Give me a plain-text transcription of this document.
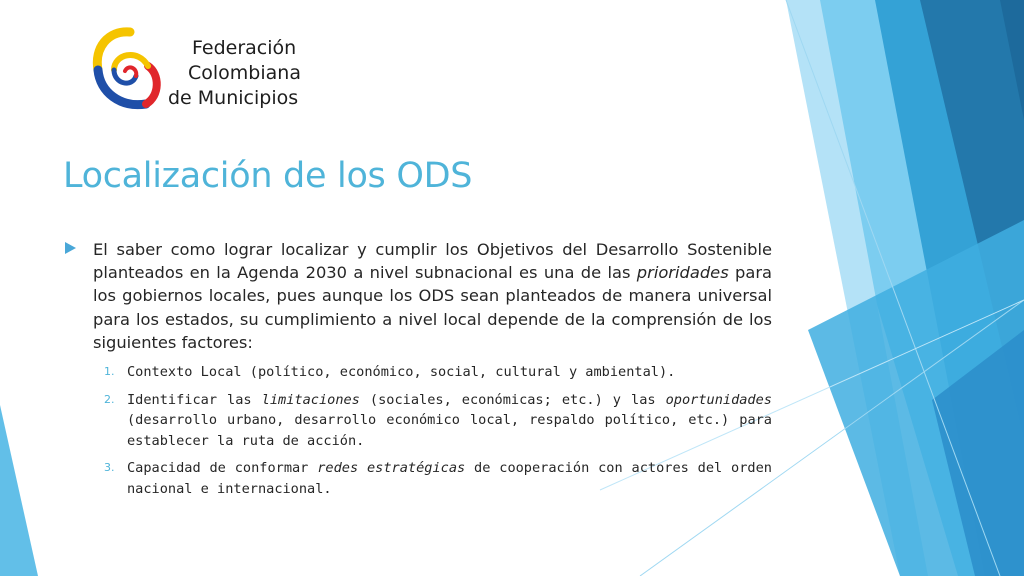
Federación
Colombiana
de Municipios
Localización de los ODS

El saber como lograr localizar y cumplir los Objetivos del Desarrollo Sostenible planteados en la Agenda 2030 a nivel subnacional es una de las prioridades para los gobiernos locales, pues aunque los ODS sean planteados de manera universal para los estados, su cumplimiento a nivel local depende de la comprensión de los siguientes factores:

1. Contexto Local (político, económico, social, cultural y ambiental).
2. Identificar las limitaciones (sociales, económicas; etc.) y las oportunidades (desarrollo urbano, desarrollo económico local, respaldo político, etc.) para establecer la ruta de acción.
3. Capacidad de conformar redes estratégicas de cooperación con actores del orden nacional e internacional.
